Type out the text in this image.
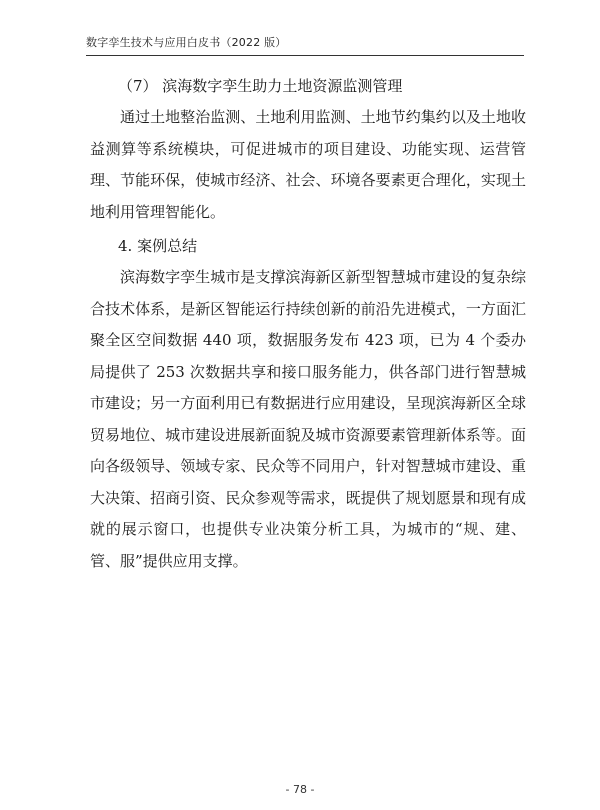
数字孪生技术与应用白皮书（2022 版）
（7） 滨海数字孪生助力土地资源监测管理

通过土地整治监测、土地利用监测、土地节约集约以及土地收益测算等系统模块，可促进城市的项目建设、功能实现、运营管理、节能环保，使城市经济、社会、环境各要素更合理化，实现土地利用管理智能化。

4. 案例总结

滨海数字孪生城市是支撑滨海新区新型智慧城市建设的复杂综合技术体系，是新区智能运行持续创新的前沿先进模式，一方面汇聚全区空间数据 440 项，数据服务发布 423 项，已为 4 个委办局提供了 253 次数据共享和接口服务能力，供各部门进行智慧城市建设；另一方面利用已有数据进行应用建设，呈现滨海新区全球贸易地位、城市建设进展新面貌及城市资源要素管理新体系等。面向各级领导、领域专家、民众等不同用户，针对智慧城市建设、重大决策、招商引资、民众参观等需求，既提供了规划愿景和现有成就的展示窗口，也提供专业决策分析工具，为城市的“规、建、管、服”提供应用支撑。

- 78 -
